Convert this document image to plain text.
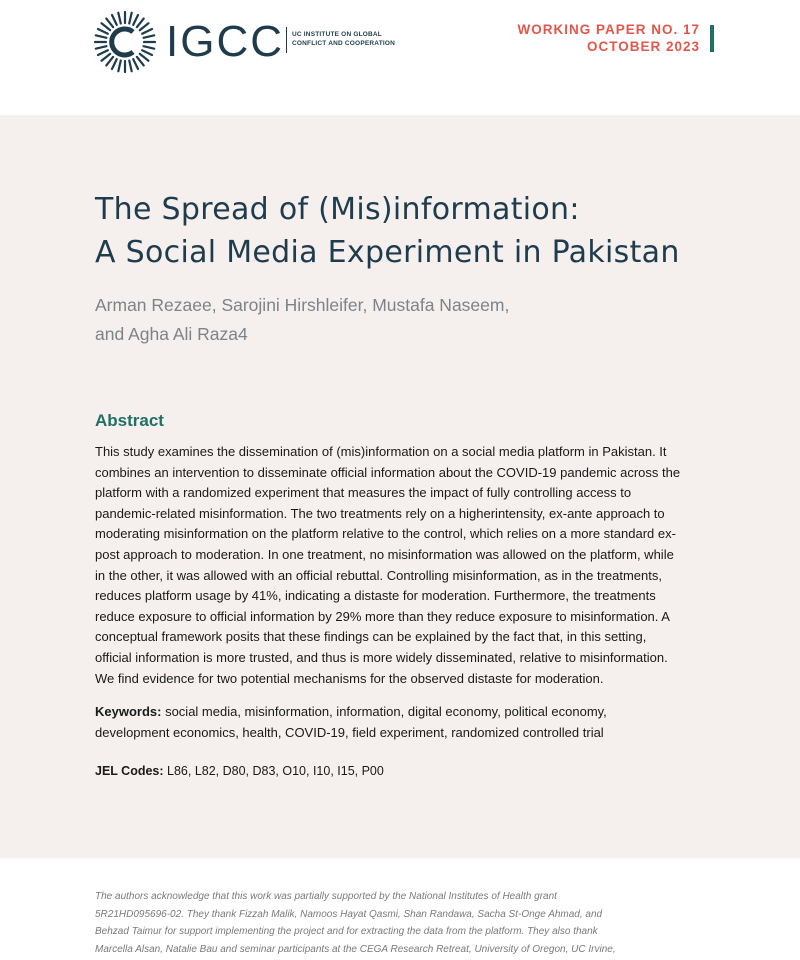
IGCC UC INSTITUTE ON GLOBAL
CONFLICT AND COOPERATION
WORKING PAPER NO. 17
OCTOBER 2023
The Spread of (Mis)information:
A Social Media Experiment in Pakistan
Arman Rezaee, Sarojini Hirshleifer, Mustafa Naseem,
and Agha Ali Raza4
Abstract
This study examines the dissemination of (mis)information on a social media platform in Pakistan. It
combines an intervention to disseminate official information about the COVID-19 pandemic across the
platform with a randomized experiment that measures the impact of fully controlling access to
pandemic-related misinformation. The two treatments rely on a higherintensity, ex-ante approach to
moderating misinformation on the platform relative to the control, which relies on a more standard ex-
post approach to moderation. In one treatment, no misinformation was allowed on the platform, while
in the other, it was allowed with an official rebuttal. Controlling misinformation, as in the treatments,
reduces platform usage by 41%, indicating a distaste for moderation. Furthermore, the treatments
reduce exposure to official information by 29% more than they reduce exposure to misinformation. A
conceptual framework posits that these findings can be explained by the fact that, in this setting,
official information is more trusted, and thus is more widely disseminated, relative to misinformation.
We find evidence for two potential mechanisms for the observed distaste for moderation.
Keywords: social media, misinformation, information, digital economy, political economy,
development economics, health, COVID-19, field experiment, randomized controlled trial
JEL Codes: L86, L82, D80, D83, O10, I10, I15, P00
The authors acknowledge that this work was partially supported by the National Institutes of Health grant
5R21HD095696-02. They thank Fizzah Malik, Namoos Hayat Qasmi, Shan Randawa, Sacha St-Onge Ahmad, and
Behzad Taimur for support implementing the project and for extracting the data from the platform. They also thank
Marcella Alsan, Natalie Bau and seminar participants at the CEGA Research Retreat, University of Oregon, UC Irvine,
